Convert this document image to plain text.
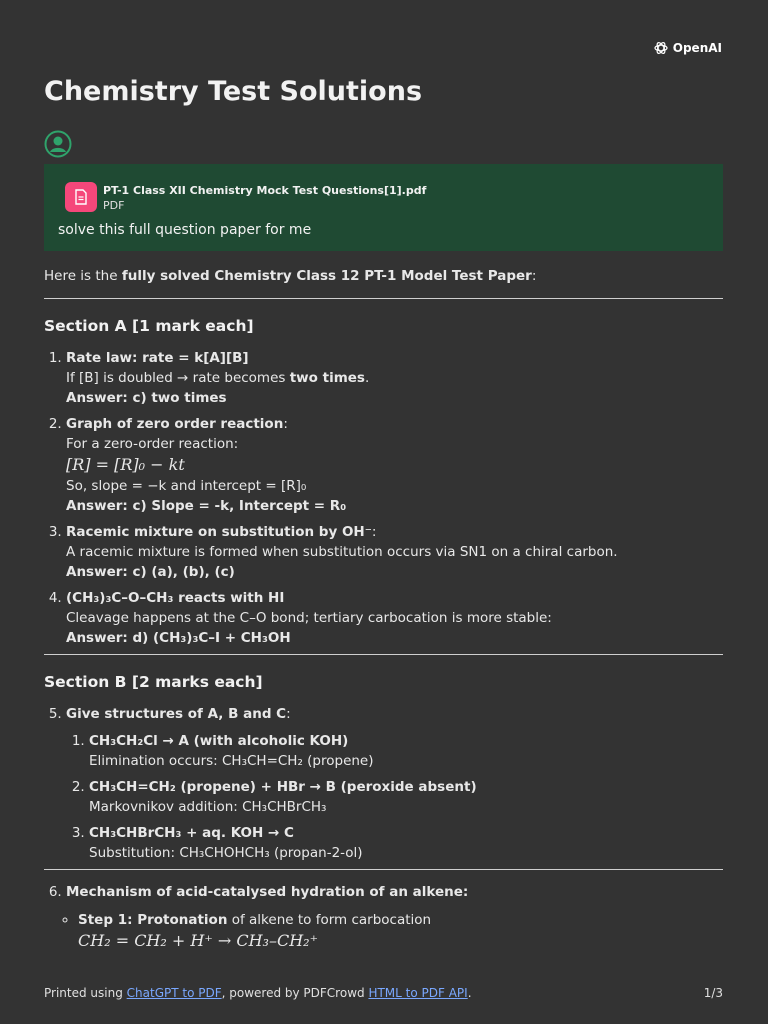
OpenAI
Chemistry Test Solutions
PT-1 Class XII Chemistry Mock Test Questions[1].pdf
PDF
solve this full question paper for me

Here is the fully solved Chemistry Class 12 PT-1 Model Test Paper:

Section A [1 mark each]
1. Rate law: rate = k[A][B]
If [B] is doubled → rate becomes two times.
Answer: c) two times
2. Graph of zero order reaction:
For a zero-order reaction:
[R] = [R]₀ − kt
So, slope = −k and intercept = [R]₀
Answer: c) Slope = -k, Intercept = R₀
3. Racemic mixture on substitution by OH⁻:
A racemic mixture is formed when substitution occurs via SN1 on a chiral carbon.
Answer: c) (a), (b), (c)
4. (CH₃)₃C–O–CH₃ reacts with HI
Cleavage happens at the C–O bond; tertiary carbocation is more stable:
Answer: d) (CH₃)₃C–I + CH₃OH
Section B [2 marks each]
5. Give structures of A, B and C:
1. CH₃CH₂Cl → A (with alcoholic KOH)
Elimination occurs: CH₃CH=CH₂ (propene)
2. CH₃CH=CH₂ (propene) + HBr → B (peroxide absent)
Markovnikov addition: CH₃CHBrCH₃
3. CH₃CHBrCH₃ + aq. KOH → C
Substitution: CH₃CHOHCH₃ (propan-2-ol)
6. Mechanism of acid-catalysed hydration of an alkene:
◦ Step 1: Protonation of alkene to form carbocation
CH₂ = CH₂ + H⁺ → CH₃–CH₂⁺
Printed using ChatGPT to PDF, powered by PDFCrowd HTML to PDF API.	1/3
